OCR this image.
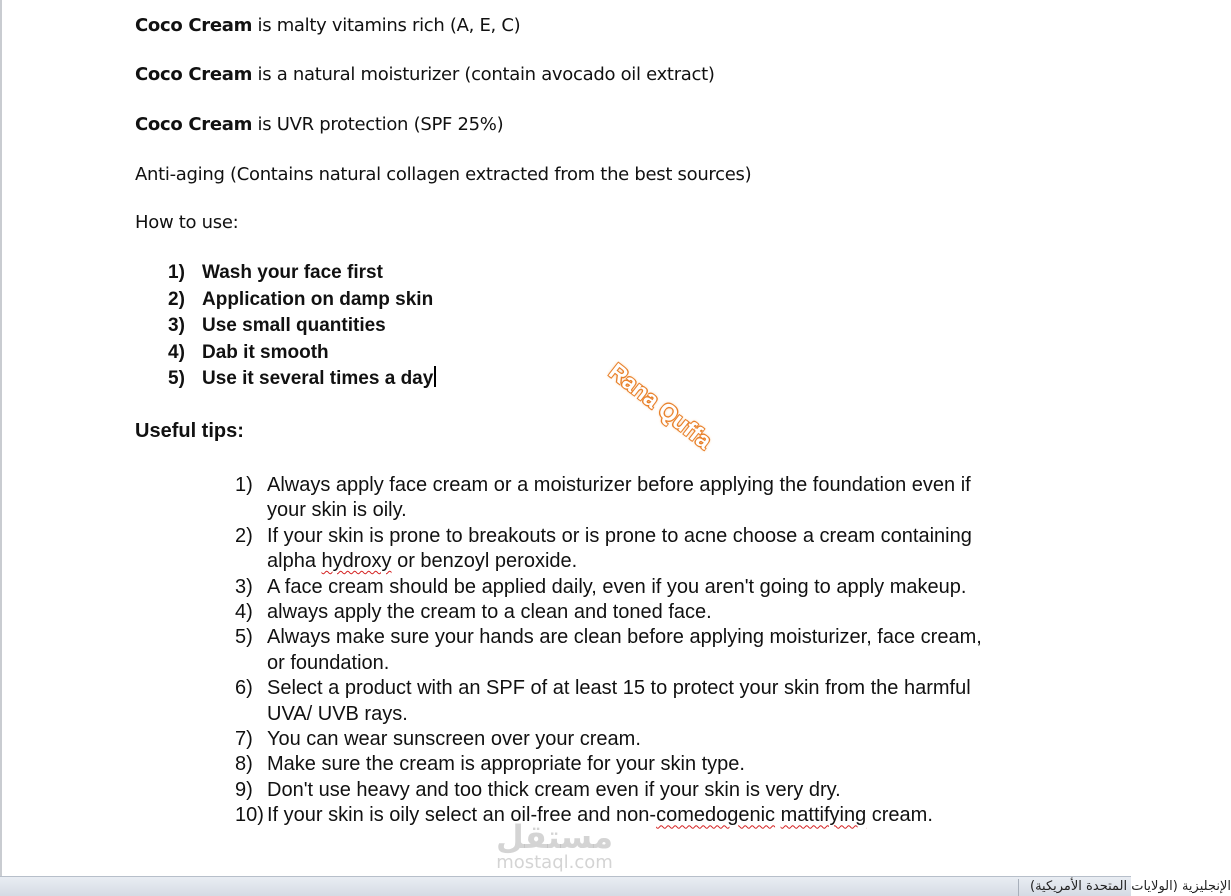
Coco Cream is malty vitamins rich (A, E, C)
Coco Cream is a natural moisturizer (contain avocado oil extract)
Coco Cream is UVR protection (SPF 25%)
Anti-aging (Contains natural collagen extracted from the best sources)
How to use:
1) Wash your face first
2) Application on damp skin
3) Use small quantities
4) Dab it smooth
5) Use it several times a day	Rana Quffa
Useful tips:
1) Always apply face cream or a moisturizer before applying the foundation even if your skin is oily.
2) If your skin is prone to breakouts or is prone to acne choose a cream containing alpha hydroxy or benzoyl peroxide.
3) A face cream should be applied daily, even if you aren't going to apply makeup.
4) always apply the cream to a clean and toned face.
5) Always make sure your hands are clean before applying moisturizer, face cream, or foundation.
6) Select a product with an SPF of at least 15 to protect your skin from the harmful UVA/ UVB rays.
7) You can wear sunscreen over your cream.
8) Make sure the cream is appropriate for your skin type.
9) Don't use heavy and too thick cream even if your skin is very dry.
10) If your skin is oily select an oil-free and non-comedogenic mattifying cream.
مستقل
mostaql.com
الإنجليزية (الولايات المتحدة الأمريكية)
